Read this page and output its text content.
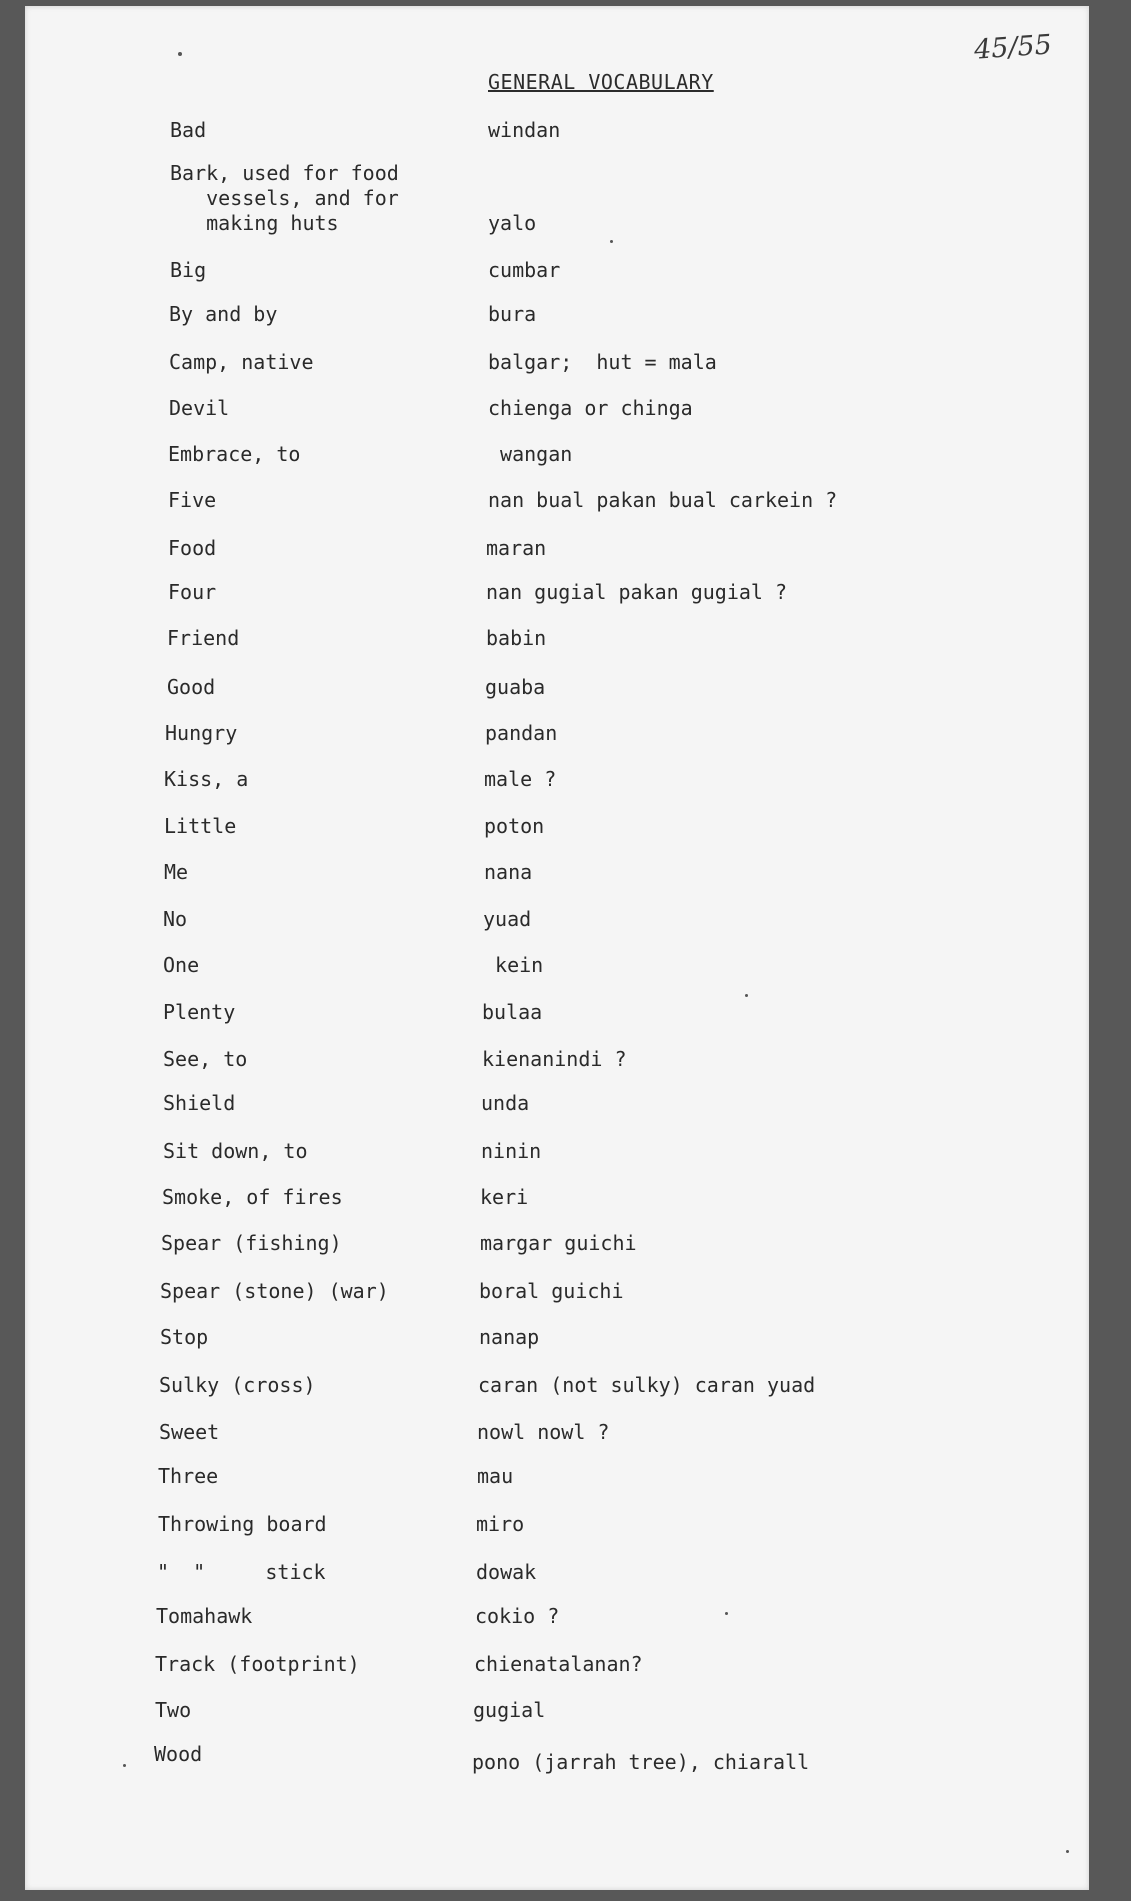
45/55
GENERAL VOCABULARY
Bad	windan
Bark, used for food
vessels, and for
making huts	yalo
Big	cumbar
By and by	bura
Camp, native	balgar;  hut = mala
Devil	chienga or chinga
Embrace, to	wangan
Five	nan bual pakan bual carkein ?
Food	maran
Four	nan gugial pakan gugial ?
Friend	babin
Good	guaba
Hungry	pandan
Kiss, a	male ?
Little	poton
Me	nana
No	yuad
One	kein
Plenty	bulaa
See, to	kienanindi ?
Shield	unda
Sit down, to	ninin
Smoke, of fires	keri
Spear (fishing)	margar guichi
Spear (stone) (war)	boral guichi
Stop	nanap
Sulky (cross)	caran (not sulky) caran yuad
Sweet	nowl nowl ?
Three	mau
Throwing board	miro
"  "     stick	dowak
Tomahawk	cokio ?
Track (footprint)	chienatalanan?
Two	gugial
Wood	pono (jarrah tree), chiarall
